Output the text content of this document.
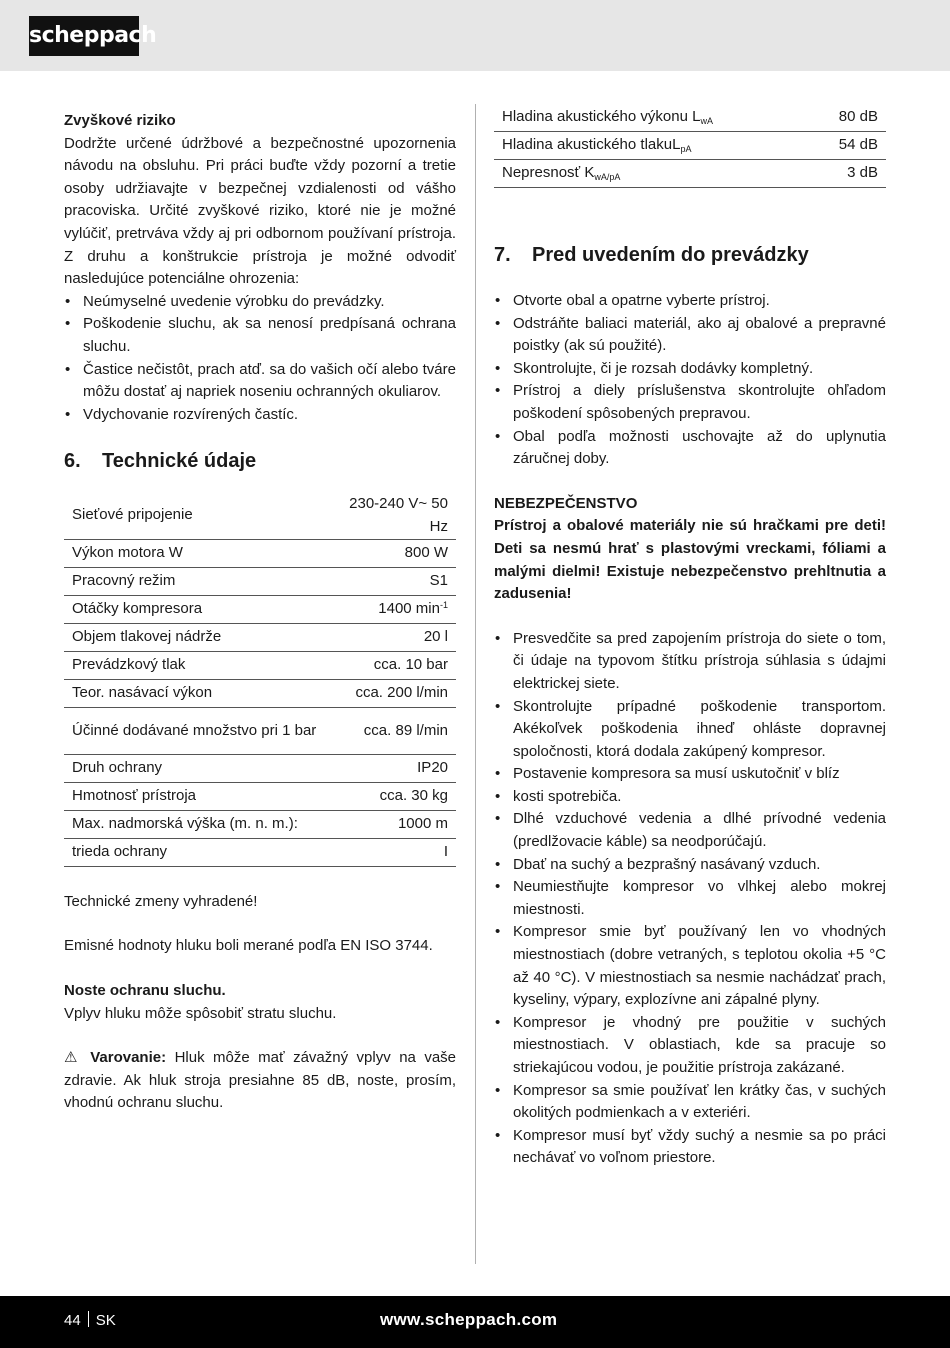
scheppach

Zvyškové riziko

Dodržte určené údržbové a bezpečnostné upozornenia návodu na obsluhu. Pri práci buďte vždy pozorní a tretie osoby udržiavajte v bezpečnej vzdialenosti od vášho pracoviska. Určité zvyškové riziko, ktoré nie je možné vylúčiť, pretrváva vždy aj pri odbornom používaní prístroja. Z druhu a konštrukcie prístroja je možné odvodiť nasledujúce potenciálne ohrozenia:

• Neúmyselné uvedenie výrobku do prevádzky.
• Poškodenie sluchu, ak sa nenosí predpísaná ochrana sluchu.
• Častice nečistôt, prach atď. sa do vašich očí alebo tváre môžu dostať aj napriek noseniu ochranných okuliarov.
• Vdychovanie rozvírených častíc.
6. Technické údaje
Sieťové pripojenie	230-240 V~ 50 Hz
Výkon motora W	800 W
Pracovný režim	S1
Otáčky kompresora	1400 $\min^{-1}$
Objem tlakovej nádrže	20 l
Prevádzkový tlak	cca. 10 bar
Teor. nasávací výkon	cca. 200 l/min
Účinné dodávané množstvo pri 1 bar	cca. 89 l/min
Druh ochrany	IP20
Hmotnosť prístroja	cca. 30 kg
Max. nadmorská výška (m. n. m.):	1000 m
trieda ochrany	I

Technické zmeny vyhradené!

Emisné hodnoty hluku boli merané podľa EN ISO 3744.

Noste ochranu sluchu.

Vplyv hluku môže spôsobiť stratu sluchu.

⚠ Varovanie: Hluk môže mať závažný vplyv na vaše zdravie. Ak hluk stroja presiahne 85 dB, noste, prosím, vhodnú ochranu sluchu.

Hladina akustického výkonu $L_{wA}$	80 dB
Hladina akustického tlakuL$_{pA}$	54 dB
Nepresnosť $K_{wA/pA}$	3 dB
7. Pred uvedením do prevádzky
• Otvorte obal a opatrne vyberte prístroj.
• Odstráňte baliaci materiál, ako aj obalové a prepravné poistky (ak sú použité).
• Skontrolujte, či je rozsah dodávky kompletný.
• Prístroj a diely príslušenstva skontrolujte ohľadom poškodení spôsobených prepravou.
• Obal podľa možnosti uschovajte až do uplynutia záručnej doby.

NEBEZPEČENSTVO

Prístroj a obalové materiály nie sú hračkami pre deti! Deti sa nesmú hrať s plastovými vreckami, fóliami a malými dielmi! Existuje nebezpečenstvo prehltnutia a zadusenia!

• Presvedčite sa pred zapojením prístroja do siete o tom, či údaje na typovom štítku prístroja súhlasia s údajmi elektrickej siete.
• Skontrolujte prípadné poškodenie transportom. Akékoľvek poškodenia ihneď ohláste dopravnej spoločnosti, ktorá dodala zakúpený kompresor.
• Postavenie kompresora sa musí uskutočniť v blíz
• kosti spotrebiča.
• Dlhé vzduchové vedenia a dlhé prívodné vedenia (predlžovacie káble) sa neodporúčajú.
• Dbať na suchý a bezprašný nasávaný vzduch.
• Neumiestňujte kompresor vo vlhkej alebo mokrej miestnosti.
• Kompresor smie byť používaný len vo vhodných miestnostiach (dobre vetraných, s teplotou okolia +5 °C až 40 °C). V miestnostiach sa nesmie nachádzať prach, kyseliny, výpary, explozívne ani zápalné plyny.
• Kompresor je vhodný pre použitie v suchých miestnostiach. V oblastiach, kde sa pracuje so striekajúcou vodou, je použitie prístroja zakázané.
• Kompresor sa smie používať len krátky čas, v suchých okolitých podmienkach a v exteriéri.
• Kompresor musí byť vždy suchý a nesmie sa po práci nechávať vo voľnom priestore.
44 SK	www.scheppach.com
